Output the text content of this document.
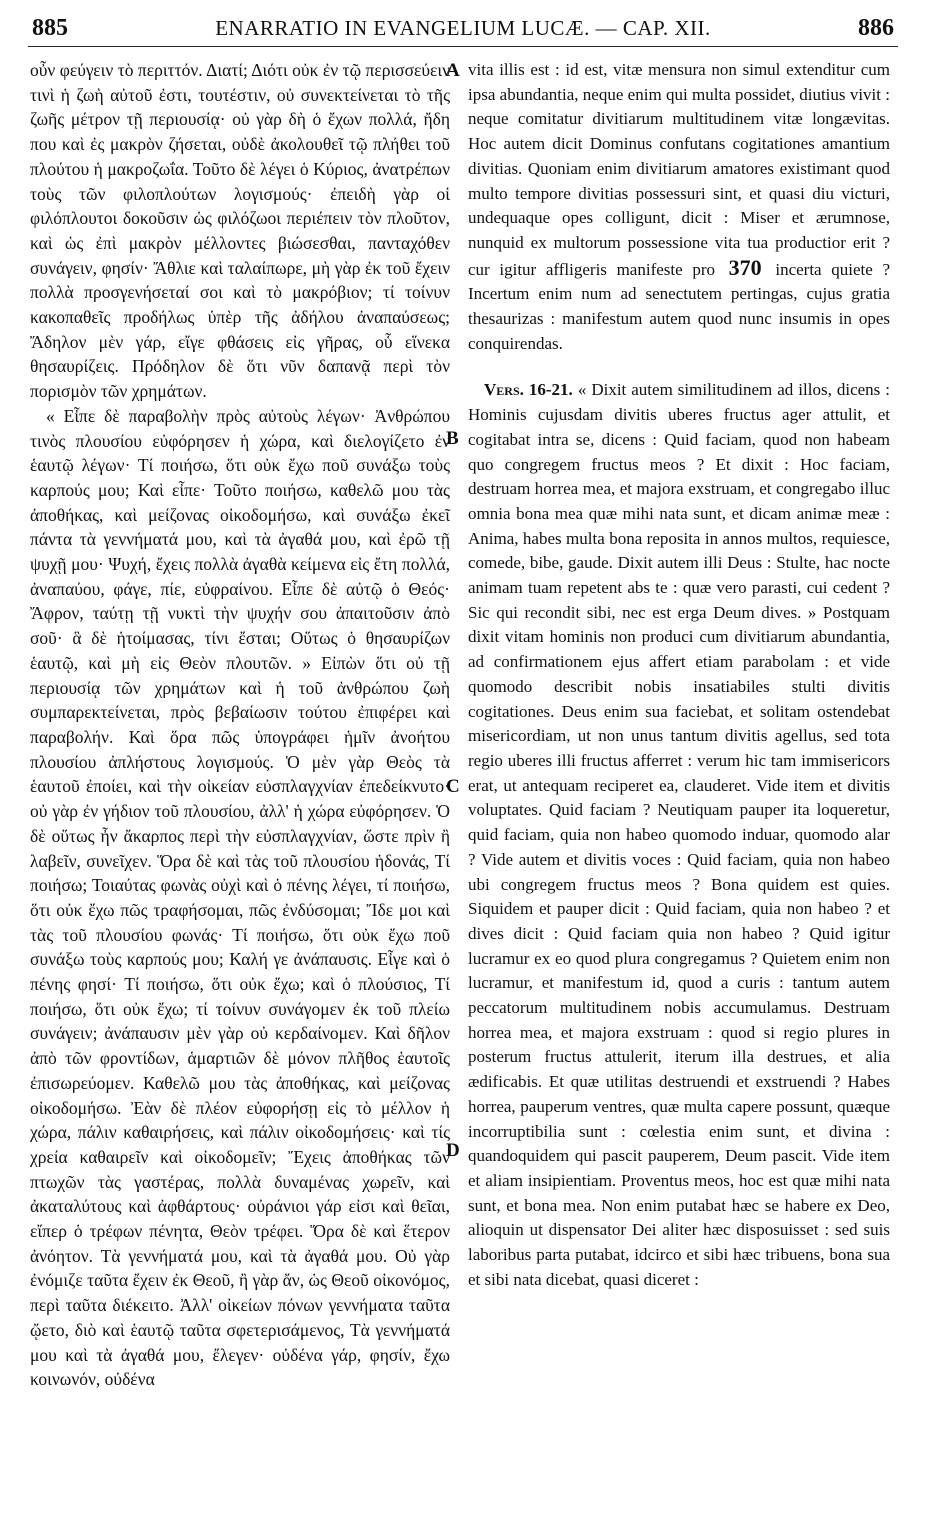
885	ENARRATIO IN EVANGELIUM LUCÆ. — CAP. XII.	886
A
B
C
D

οὖν φεύγειν τὸ περιττόν. Διατί; Διότι οὐκ ἐν τῷ περισσεύειν τινὶ ἡ ζωὴ αὐτοῦ ἐστι, τουτέστιν, οὐ συνεκτείνεται τὸ τῆς ζωῆς μέτρον τῇ περιουσίᾳ· οὐ γὰρ δὴ ὁ ἔχων πολλά, ἤδη που καὶ ἐς μακρὸν ζήσεται, οὐδὲ ἀκολουθεῖ τῷ πλήθει τοῦ πλούτου ἡ μακροζωΐα. Τοῦτο δὲ λέγει ὁ Κύριος, ἀνατρέπων τοὺς τῶν φιλοπλούτων λογισμούς· ἐπειδὴ γὰρ οἱ φιλόπλουτοι δοκοῦσιν ὡς φιλόζωοι περιέπειν τὸν πλοῦτον, καὶ ὡς ἐπὶ μακρὸν μέλλοντες βιώσεσθαι, πανταχόθεν συνάγειν, φησίν· Ἄθλιε καὶ ταλαίπωρε, μὴ γὰρ ἐκ τοῦ ἔχειν πολλὰ προσγενήσεταί σοι καὶ τὸ μακρόβιον; τί τοίνυν κακοπαθεῖς προδήλως ὑπὲρ τῆς ἀδήλου ἀναπαύσεως; Ἄδηλον μὲν γάρ, εἴγε φθάσεις εἰς γῆρας, οὗ εἵνεκα θησαυρίζεις. Πρόδηλον δὲ ὅτι νῦν δαπανᾷ περὶ τὸν πορισμὸν τῶν χρημάτων.

« Εἶπε δὲ παραβολὴν πρὸς αὐτοὺς λέγων· Ἀνθρώπου τινὸς πλουσίου εὐφόρησεν ἡ χώρα, καὶ διελογίζετο ἐν ἑαυτῷ λέγων· Τί ποιήσω, ὅτι οὐκ ἔχω ποῦ συνάξω τοὺς καρπούς μου; Καὶ εἶπε· Τοῦτο ποιήσω, καθελῶ μου τὰς ἀποθήκας, καὶ μείζονας οἰκοδομήσω, καὶ συνάξω ἐκεῖ πάντα τὰ γεννήματά μου, καὶ τὰ ἀγαθά μου, καὶ ἐρῶ τῇ ψυχῇ μου· Ψυχή, ἔχεις πολλὰ ἀγαθὰ κείμενα εἰς ἔτη πολλά, ἀναπαύου, φάγε, πίε, εὐφραίνου. Εἶπε δὲ αὐτῷ ὁ Θεός· Ἄφρον, ταύτῃ τῇ νυκτὶ τὴν ψυχήν σου ἀπαιτοῦσιν ἀπὸ σοῦ· ἃ δὲ ἡτοίμασας, τίνι ἔσται; Οὕτως ὁ θησαυρίζων ἑαυτῷ, καὶ μὴ εἰς Θεὸν πλουτῶν. » Εἰπὼν ὅτι οὐ τῇ περιουσίᾳ τῶν χρημάτων καὶ ἡ τοῦ ἀνθρώπου ζωὴ συμπαρεκτείνεται, πρὸς βεβαίωσιν τούτου ἐπιφέρει καὶ παραβολήν. Καὶ ὅρα πῶς ὑπογράφει ἡμῖν ἀνοήτου πλουσίου ἀπλήστους λογισμούς. Ὁ μὲν γὰρ Θεὸς τὰ ἑαυτοῦ ἐποίει, καὶ τὴν οἰκείαν εὐσπλαγχνίαν ἐπεδείκνυτο· οὐ γὰρ ἐν γήδιον τοῦ πλουσίου, ἀλλ' ἡ χώρα εὐφόρησεν. Ὁ δὲ οὕτως ἦν ἄκαρπος περὶ τὴν εὐσπλαγχνίαν, ὥστε πρὶν ἢ λαβεῖν, συνεῖχεν. Ὅρα δὲ καὶ τὰς τοῦ πλουσίου ἡδονάς, Τί ποιήσω; Τοιαύτας φωνὰς οὐχὶ καὶ ὁ πένης λέγει, τί ποιήσω, ὅτι οὐκ ἔχω πῶς τραφήσομαι, πῶς ἐνδύσομαι; Ἴδε μοι καὶ τὰς τοῦ πλουσίου φωνάς· Τί ποιήσω, ὅτι οὐκ ἔχω ποῦ συνάξω τοὺς καρπούς μου; Καλή γε ἀνάπαυσις. Εἶγε καὶ ὁ πένης φησί· Τί ποιήσω, ὅτι οὐκ ἔχω; καὶ ὁ πλούσιος, Τί ποιήσω, ὅτι οὐκ ἔχω; τί τοίνυν συνάγομεν ἐκ τοῦ πλείω συνάγειν; ἀνάπαυσιν μὲν γὰρ οὐ κερδαίνομεν. Καὶ δῆλον ἀπὸ τῶν φροντίδων, ἁμαρτιῶν δὲ μόνον πλῆθος ἑαυτοῖς ἐπισωρεύομεν. Καθελῶ μου τὰς ἀποθήκας, καὶ μείζονας οἰκοδομήσω. Ἐὰν δὲ πλέον εὐφορήσῃ εἰς τὸ μέλλον ἡ χώρα, πάλιν καθαιρήσεις, καὶ πάλιν οἰκοδομήσεις· καὶ τίς χρεία καθαιρεῖν καὶ οἰκοδομεῖν; Ἔχεις ἀποθήκας τῶν πτωχῶν τὰς γαστέρας, πολλὰ δυναμένας χωρεῖν, καὶ ἀκαταλύτους καὶ ἀφθάρτους· οὐράνιοι γάρ εἰσι καὶ θεῖαι, εἴπερ ὁ τρέφων πένητα, Θεὸν τρέφει. Ὅρα δὲ καὶ ἕτερον ἀνόητον. Τὰ γεννήματά μου, καὶ τὰ ἀγαθά μου. Οὐ γὰρ ἐνόμιζε ταῦτα ἔχειν ἐκ Θεοῦ, ἢ γὰρ ἄν, ὡς Θεοῦ οἰκονόμος, περὶ ταῦτα διέκειτο. Ἀλλ' οἰκείων πόνων γεννήματα ταῦτα ᾤετο, διὸ καὶ ἑαυτῷ ταῦτα σφετερισάμενος, Τὰ γεννήματά μου καὶ τὰ ἀγαθά μου, ἔλεγεν· οὐδένα γάρ, φησίν, ἔχω κοινωνόν, οὐδένα

vita illis est : id est, vitæ mensura non simul extenditur cum ipsa abundantia, neque enim qui multa possidet, diutius vivit : neque comitatur divitiarum multitudinem vitæ longævitas. Hoc autem dicit Dominus confutans cogitationes amantium divitias. Quoniam enim divitiarum amatores existimant quod multo tempore divitias possessuri sint, et quasi diu victuri, undequaque opes colligunt, dicit : Miser et ærumnose, nunquid ex multorum possessione vita tua productior erit ? cur igitur affligeris manifeste pro 370 incerta quiete ? Incertum enim num ad senectutem pertingas, cujus gratia thesaurizas : manifestum autem quod nunc insumis in opes conquirendas.

Vers. 16-21. « Dixit autem similitudinem ad illos, dicens : Hominis cujusdam divitis uberes fructus ager attulit, et cogitabat intra se, dicens : Quid faciam, quod non habeam quo congregem fructus meos ? Et dixit : Hoc faciam, destruam horrea mea, et majora exstruam, et congregabo illuc omnia bona mea quæ mihi nata sunt, et dicam animæ meæ : Anima, habes multa bona reposita in annos multos, requiesce, comede, bibe, gaude. Dixit autem illi Deus : Stulte, hac nocte animam tuam repetent abs te : quæ vero parasti, cui cedent ? Sic qui recondit sibi, nec est erga Deum dives. » Postquam dixit vitam hominis non produci cum divitiarum abundantia, ad confirmationem ejus affert etiam parabolam : et vide quomodo describit nobis insatiabiles stulti divitis cogitationes. Deus enim sua faciebat, et solitam ostendebat misericordiam, ut non unus tantum divitis agellus, sed tota regio uberes illi fructus afferret : verum hic tam immisericors erat, ut antequam reciperet ea, clauderet. Vide item et divitis voluptates. Quid faciam ? Neutiquam pauper ita loqueretur, quid faciam, quia non habeo quomodo induar, quomodo alar ? Vide autem et divitis voces : Quid faciam, quia non habeo ubi congregem fructus meos ? Bona quidem est quies. Siquidem et pauper dicit : Quid faciam, quia non habeo ? et dives dicit : Quid faciam quia non habeo ? Quid igitur lucramur ex eo quod plura congregamus ? Quietem enim non lucramur, et manifestum id, quod a curis : tantum autem peccatorum multitudinem nobis accumulamus. Destruam horrea mea, et majora exstruam : quod si regio plures in posterum fructus attulerit, iterum illa destrues, et alia ædificabis. Et quæ utilitas destruendi et exstruendi ? Habes horrea, pauperum ventres, quæ multa capere possunt, quæque incorruptibilia sunt : cœlestia enim sunt, et divina : quandoquidem qui pascit pauperem, Deum pascit. Vide item et aliam insipientiam. Proventus meos, hoc est quæ mihi nata sunt, et bona mea. Non enim putabat hæc se habere ex Deo, alioquin ut dispensator Dei aliter hæc disposuisset : sed suis laboribus parta putabat, idcirco et sibi hæc tribuens, bona sua et sibi nata dicebat, quasi diceret :
